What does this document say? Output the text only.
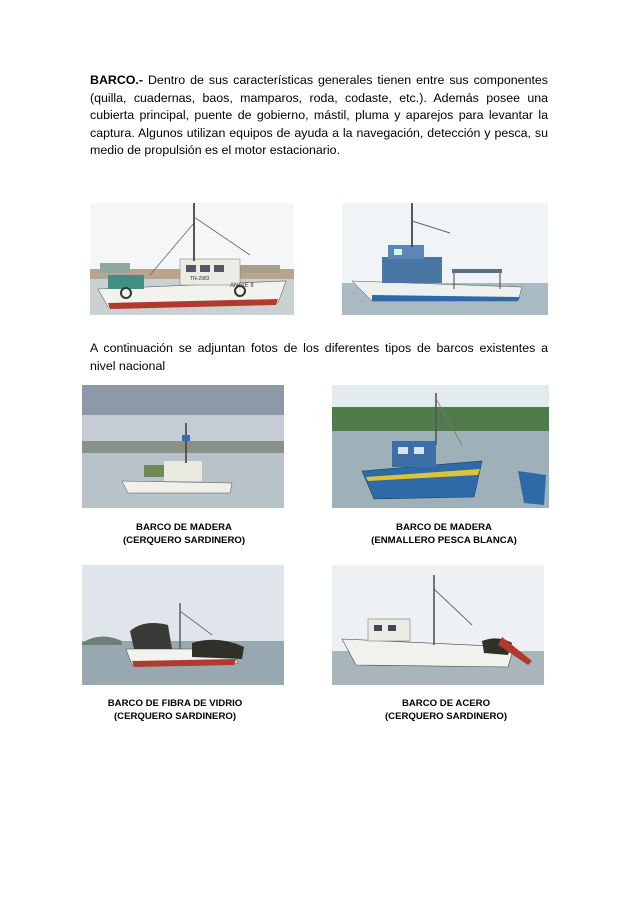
BARCO.- Dentro de sus características generales tienen entre sus componentes (quilla, cuadernas, baos, mamparos, roda, codaste, etc.). Además posee una cubierta principal, puente de gobierno, mástil, pluma y aparejos para levantar la captura. Algunos utilizan equipos de ayuda a la navegación, detección y pesca, su medio de propulsión es el motor estacionario.

ANGIE II
TN-2983

A continuación se adjuntan fotos de los diferentes tipos de barcos existentes a nivel nacional

BARCO DE MADERA
(CERQUERO SARDINERO)
BARCO DE MADERA
(ENMALLERO PESCA BLANCA)
BARCO DE FIBRA DE VIDRIO
(CERQUERO SARDINERO)
BARCO DE ACERO
(CERQUERO SARDINERO)
